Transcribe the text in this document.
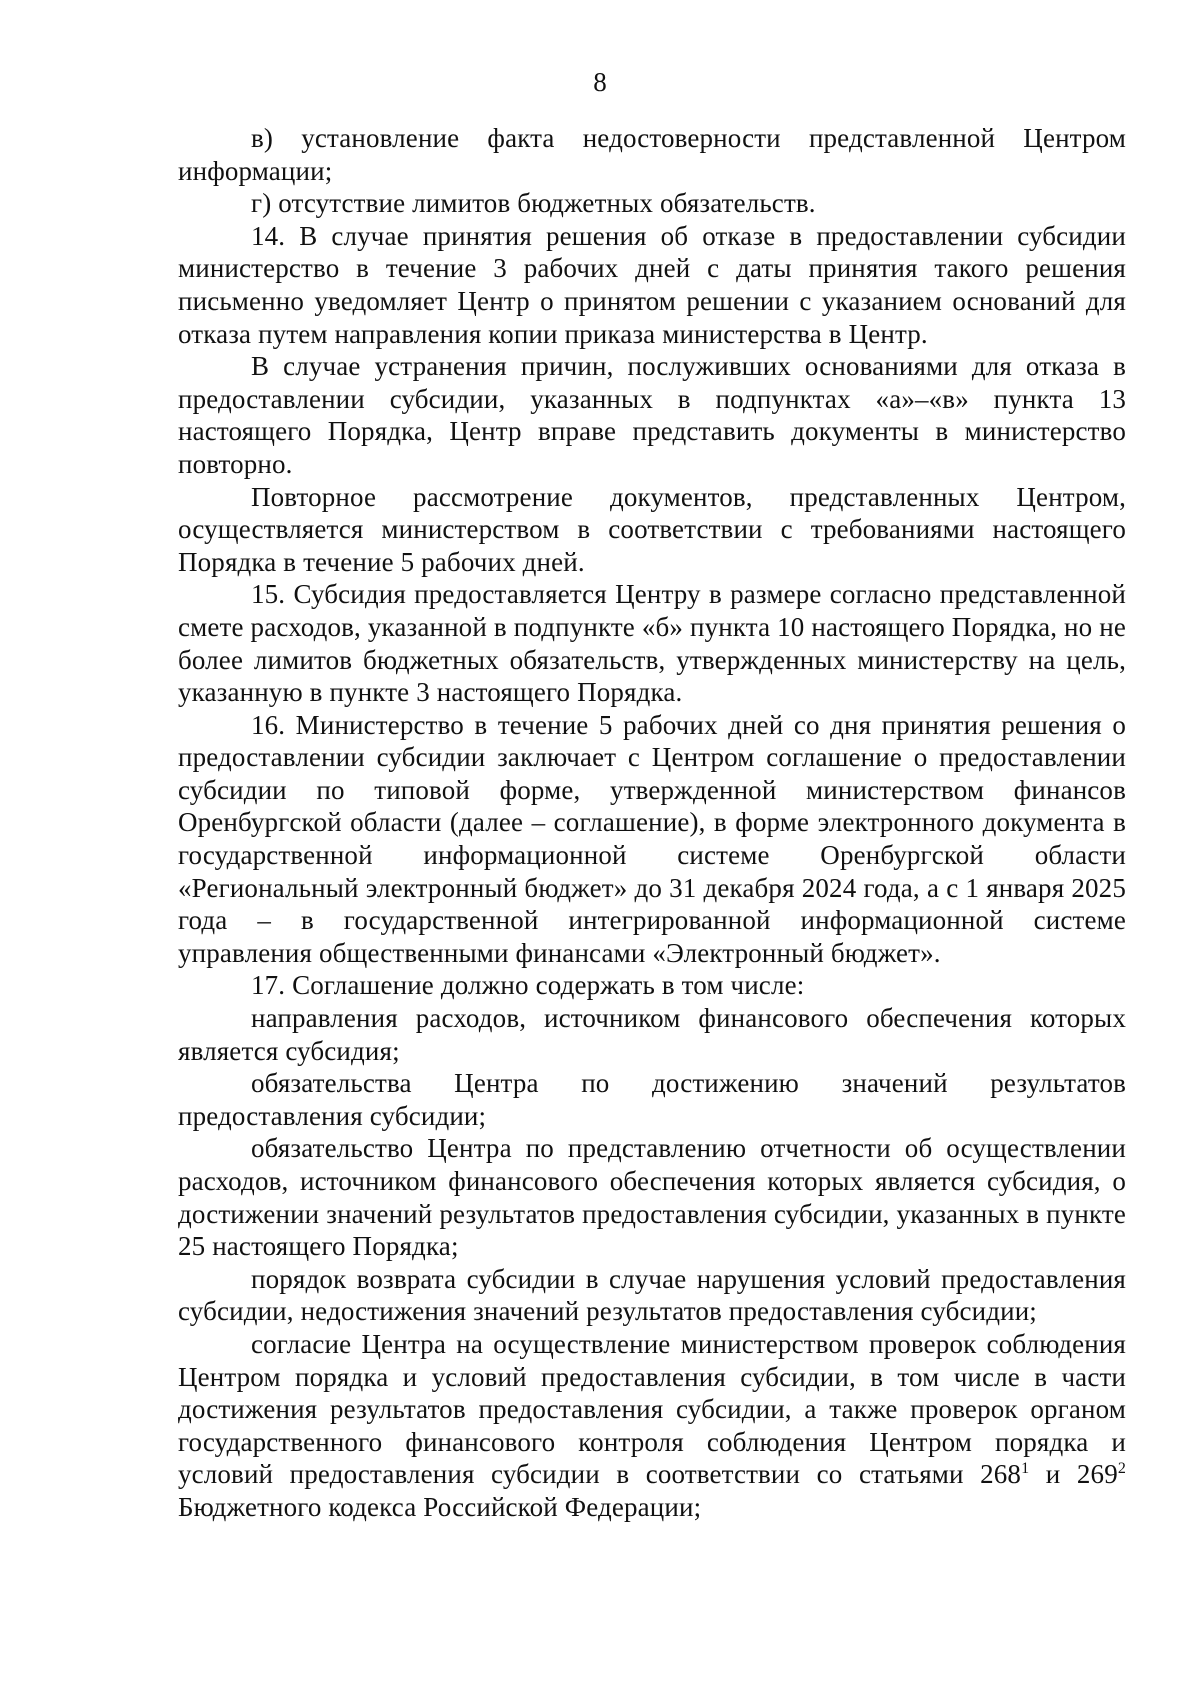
8

в) установление факта недостоверности представленной Центром информации;

г) отсутствие лимитов бюджетных обязательств.

14. В случае принятия решения об отказе в предоставлении субсидии министерство в течение 3 рабочих дней с даты принятия такого решения письменно уведомляет Центр о принятом решении с указанием оснований для отказа путем направления копии приказа министерства в Центр.

В случае устранения причин, послуживших основаниями для отказа в предоставлении субсидии, указанных в подпунктах «а»–«в» пункта 13 настоящего Порядка, Центр вправе представить документы в министерство повторно.

Повторное рассмотрение документов, представленных Центром, осуществляется министерством в соответствии с требованиями настоящего Порядка в течение 5 рабочих дней.

15. Субсидия предоставляется Центру в размере согласно представленной смете расходов, указанной в подпункте «б» пункта 10 настоящего Порядка, но не более лимитов бюджетных обязательств, утвержденных министерству на цель, указанную в пункте 3 настоящего Порядка.

16. Министерство в течение 5 рабочих дней со дня принятия решения о предоставлении субсидии заключает с Центром соглашение о предоставлении субсидии по типовой форме, утвержденной министерством финансов Оренбургской области (далее – соглашение), в форме электронного документа в государственной информационной системе Оренбургской области «Региональный электронный бюджет» до 31 декабря 2024 года, а с 1 января 2025 года – в государственной интегрированной информационной системе управления общественными финансами «Электронный бюджет».

17. Соглашение должно содержать в том числе:

направления расходов, источником финансового обеспечения которых является субсидия;

обязательства Центра по достижению значений результатов предоставления субсидии;

обязательство Центра по представлению отчетности об осуществлении расходов, источником финансового обеспечения которых является субсидия, о достижении значений результатов предоставления субсидии, указанных в пункте 25 настоящего Порядка;

порядок возврата субсидии в случае нарушения условий предоставления субсидии, недостижения значений результатов предоставления субсидии;

согласие Центра на осуществление министерством проверок соблюдения Центром порядка и условий предоставления субсидии, в том числе в части достижения результатов предоставления субсидии, а также проверок органом государственного финансового контроля соблюдения Центром порядка и условий предоставления субсидии в соответствии со статьями $268^1$ и $269^2$ Бюджетного кодекса Российской Федерации;
